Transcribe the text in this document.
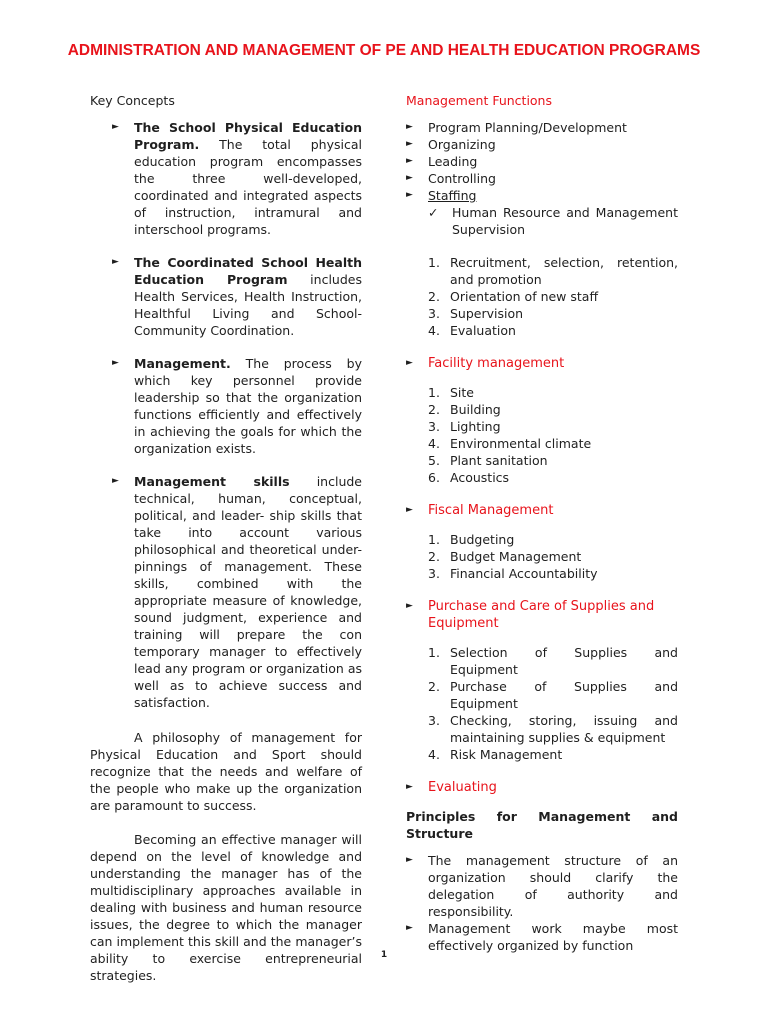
ADMINISTRATION AND MANAGEMENT OF PE AND HEALTH EDUCATION PROGRAMS
Key Concepts
► The School Physical Education Program. The total physical education program encompasses the three well-developed, coordinated and integrated aspects of instruction, intramural and interschool programs.
► The Coordinated School Health Education Program includes Health Services, Health Instruction, Healthful Living and School-Community Coordination.
► Management. The process by which key personnel provide leadership so that the organization functions efficiently and effectively in achieving the goals for which the organization exists.
► Management skills include technical, human, conceptual, political, and leader- ship skills that take into account various philosophical and theoretical under-pinnings of management. These skills, combined with the appropriate measure of knowledge, sound judgment, experience and training will prepare the con temporary manager to effectively lead any program or organization as well as to achieve success and satisfaction.

A philosophy of management for Physical Education and Sport should recognize that the needs and welfare of the people who make up the organization are paramount to success.

Becoming an effective manager will depend on the level of knowledge and understanding the manager has of the multidisciplinary approaches available in dealing with business and human resource issues, the degree to which the manager can implement this skill and the manager’s ability to exercise entrepreneurial strategies.

Management Functions
► Program Planning/Development
► Organizing
► Leading
► Controlling
► Staffing
✓ Human Resource and Management Supervision
1. Recruitment, selection, retention, and promotion
2. Orientation of new staff
3. Supervision
4. Evaluation
► Facility management
1. Site
2. Building
3. Lighting
4. Environmental climate
5. Plant sanitation
6. Acoustics
► Fiscal Management
1. Budgeting
2. Budget Management
3. Financial Accountability
► Purchase and Care of Supplies and Equipment
1. Selection of Supplies and Equipment
2. Purchase of Supplies and Equipment
3. Checking, storing, issuing and maintaining supplies & equipment
4. Risk Management
► Evaluating
Principles for Management and
Structure
► The management structure of an organization should clarify the delegation of authority and responsibility.
► Management work maybe most effectively organized by function
1
